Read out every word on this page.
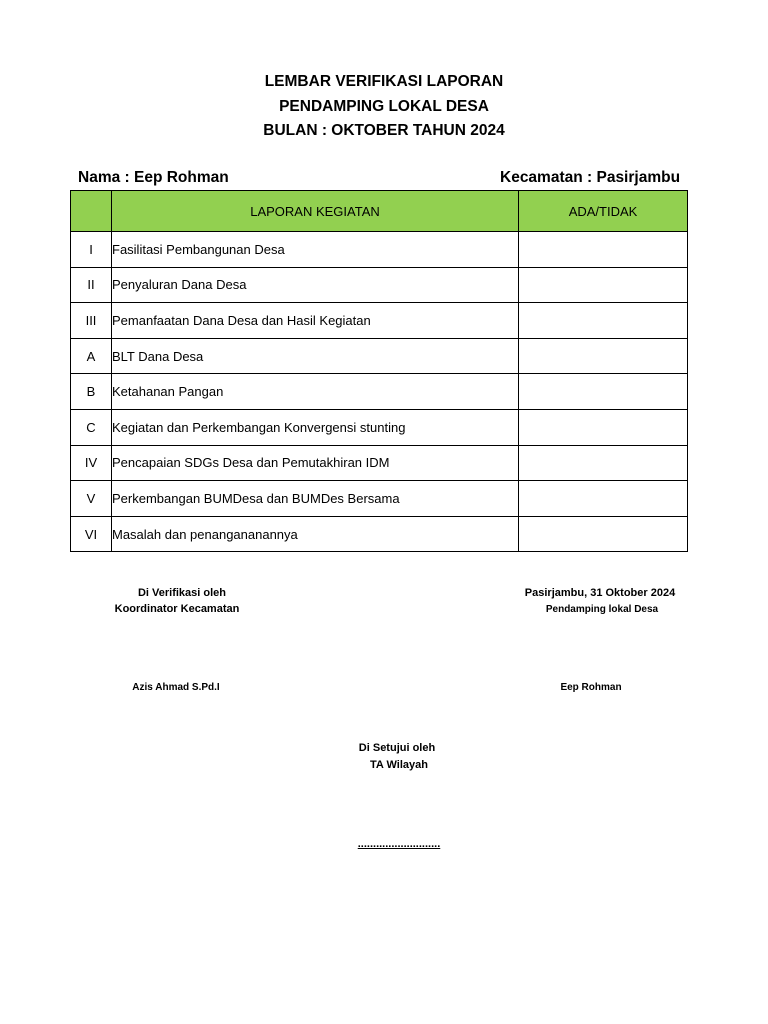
LEMBAR VERIFIKASI LAPORAN
PENDAMPING LOKAL DESA
BULAN : OKTOBER TAHUN 2024
Nama : Eep Rohman	Kecamatan : Pasirjambu
	LAPORAN KEGIATAN	ADA/TIDAK
I	Fasilitasi Pembangunan Desa	
II	Penyaluran Dana Desa	
III	Pemanfaatan Dana Desa dan Hasil Kegiatan	
A	BLT Dana Desa	
B	Ketahanan Pangan	
C	Kegiatan dan Perkembangan Konvergensi stunting	
IV	Pencapaian SDGs Desa dan Pemutakhiran IDM	
V	Perkembangan BUMDesa dan BUMDes Bersama	
VI	Masalah dan penangananannya	
Di Verifikasi oleh
Koordinator Kecamatan
Azis Ahmad S.Pd.I
Pasirjambu, 31 Oktober 2024
Pendamping lokal Desa
Eep Rohman
Di Setujui oleh
TA Wilayah
...........................
